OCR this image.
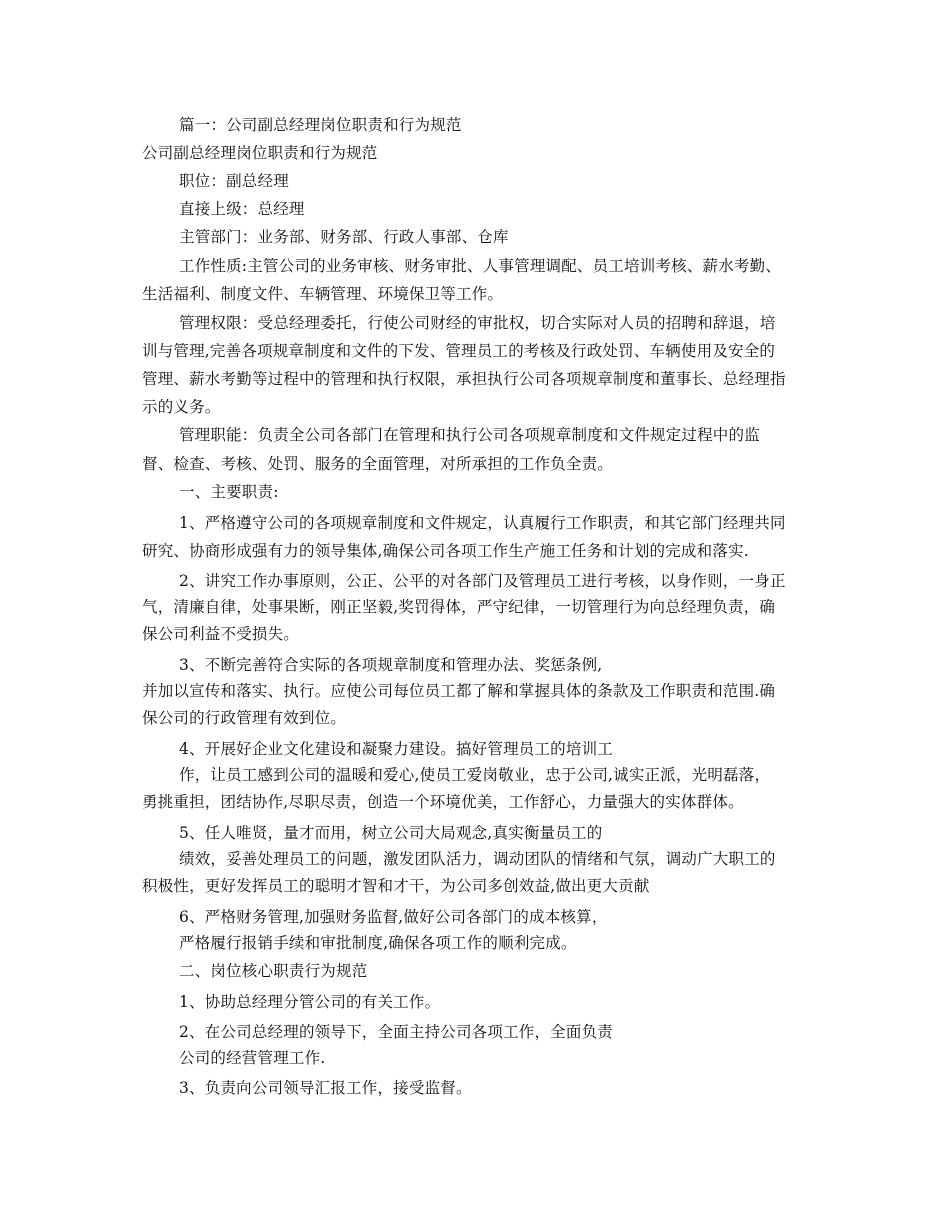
篇一：公司副总经理岗位职责和行为规范
公司副总经理岗位职责和行为规范
职位：副总经理
直接上级：总经理
主管部门：业务部、财务部、行政人事部、仓库
工作性质:主管公司的业务审核、财务审批、人事管理调配、员工培训考核、薪水考勤、
生活福利、制度文件、车辆管理、环境保卫等工作。
管理权限：受总经理委托，行使公司财经的审批权，切合实际对人员的招聘和辞退，培
训与管理,完善各项规章制度和文件的下发、管理员工的考核及行政处罚、车辆使用及安全的
管理、薪水考勤等过程中的管理和执行权限，承担执行公司各项规章制度和董事长、总经理指
示的义务。
管理职能：负责全公司各部门在管理和执行公司各项规章制度和文件规定过程中的监
督、检查、考核、处罚、服务的全面管理，对所承担的工作负全责。
一、主要职责:
1、严格遵守公司的各项规章制度和文件规定，认真履行工作职责，和其它部门经理共同
研究、协商形成强有力的领导集体,确保公司各项工作生产施工任务和计划的完成和落实.
2、讲究工作办事原则，公正、公平的对各部门及管理员工进行考核，以身作则，一身正
气，清廉自律，处事果断，刚正坚毅,奖罚得体，严守纪律，一切管理行为向总经理负责，确
保公司利益不受损失。
3、不断完善符合实际的各项规章制度和管理办法、奖惩条例,
并加以宣传和落实、执行。应使公司每位员工都了解和掌握具体的条款及工作职责和范围.确
保公司的行政管理有效到位。
4、开展好企业文化建设和凝聚力建设。搞好管理员工的培训工
作，让员工感到公司的温暖和爱心,使员工爱岗敬业，忠于公司,诚实正派，光明磊落，
勇挑重担，团结协作,尽职尽责，创造一个环境优美，工作舒心，力量强大的实体群体。
5、任人唯贤，量才而用，树立公司大局观念,真实衡量员工的
绩效，妥善处理员工的问题，激发团队活力，调动团队的情绪和气氛，调动广大职工的
积极性，更好发挥员工的聪明才智和才干，为公司多创效益,做出更大贡献
6、严格财务管理,加强财务监督,做好公司各部门的成本核算，
严格履行报销手续和审批制度,确保各项工作的顺利完成。
二、岗位核心职责行为规范
1、协助总经理分管公司的有关工作。
2、在公司总经理的领导下，全面主持公司各项工作，全面负责
公司的经营管理工作.
3、负责向公司领导汇报工作，接受监督。
